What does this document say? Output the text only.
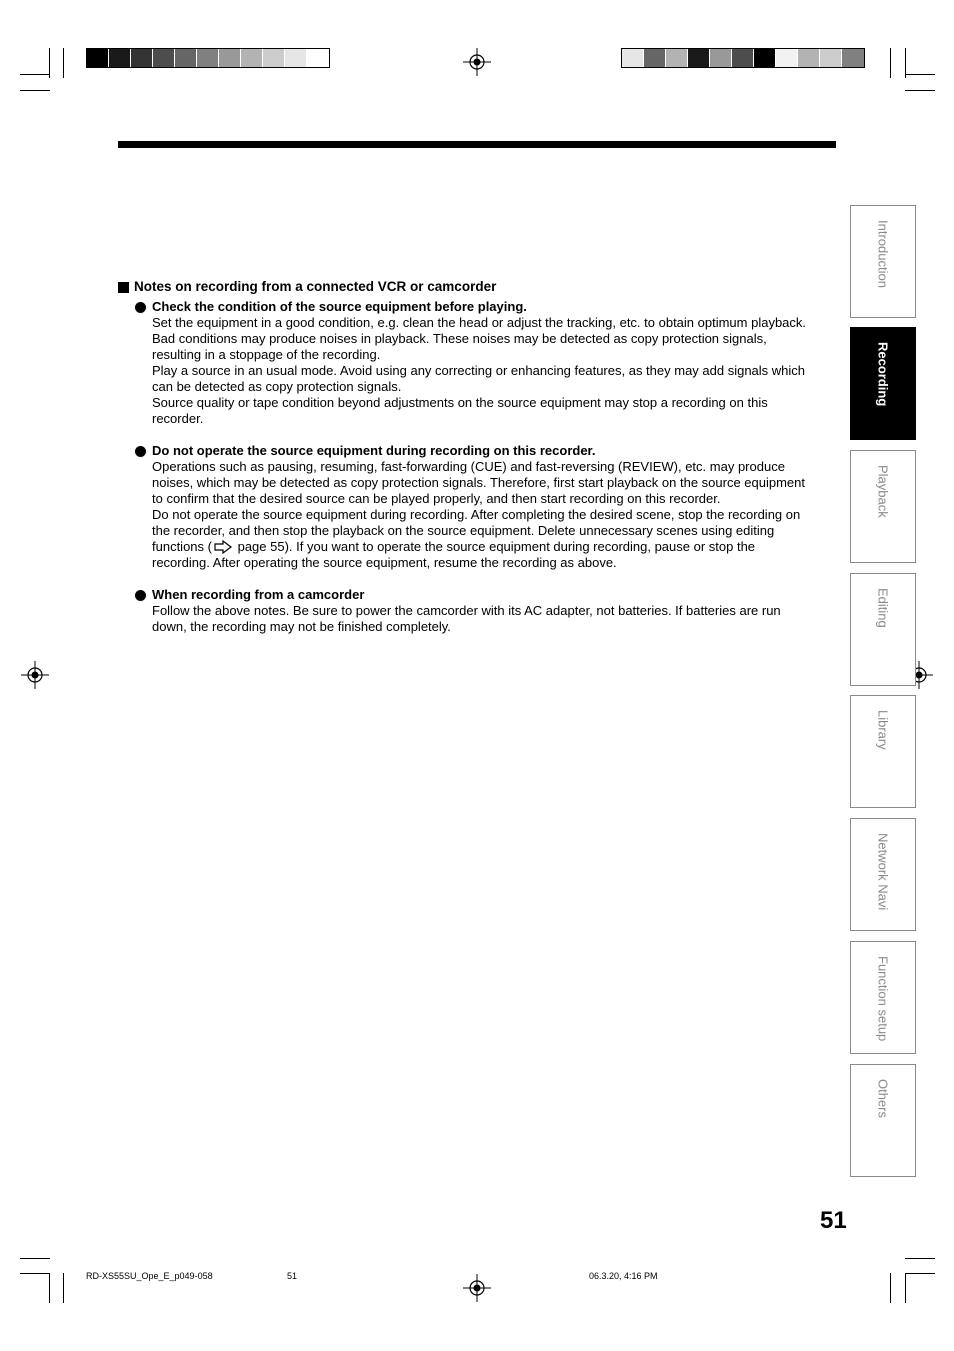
Notes on recording from a connected VCR or camcorder
Check the condition of the source equipment before playing.

Set the equipment in a good condition, e.g. clean the head or adjust the tracking, etc. to obtain optimum playback.

Bad conditions may produce noises in playback. These noises may be detected as copy protection signals,

resulting in a stoppage of the recording.

Play a source in an usual mode. Avoid using any correcting or enhancing features, as they may add signals which

can be detected as copy protection signals.

Source quality or tape condition beyond adjustments on the source equipment may stop a recording on this

recorder.

Do not operate the source equipment during recording on this recorder.

Operations such as pausing, resuming, fast-forwarding (CUE) and fast-reversing (REVIEW), etc. may produce

noises, which may be detected as copy protection signals. Therefore, first start playback on the source equipment

to confirm that the desired source can be played properly, and then start recording on this recorder.

Do not operate the source equipment during recording. After completing the desired scene, stop the recording on

the recorder, and then stop the playback on the source equipment. Delete unnecessary scenes using editing

functions ( page 55). If you want to operate the source equipment during recording, pause or stop the

recording. After operating the source equipment, resume the recording as above.

When recording from a camcorder

Follow the above notes. Be sure to power the camcorder with its AC adapter, not batteries. If batteries are run

down, the recording may not be finished completely.

Introduction
Recording
Playback
Editing
Library
Network Navi
Function setup
Others
51
RD-XS55SU_Ope_E_p049-058	51	06.3.20, 4:16 PM
